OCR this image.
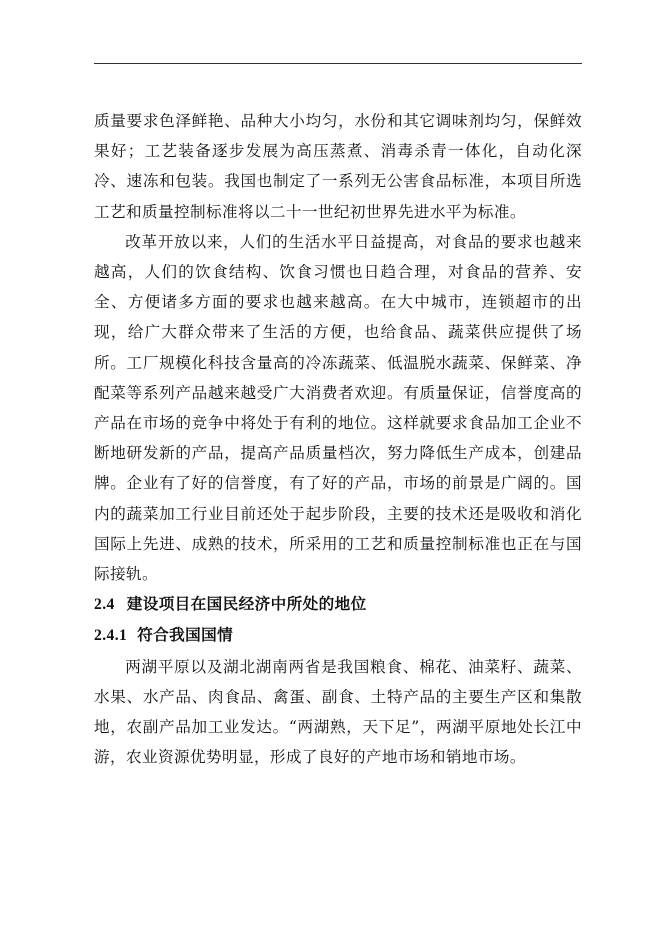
质量要求色泽鲜艳、品种大小均匀，水份和其它调味剂均匀，保鲜效果好；工艺装备逐步发展为高压蒸煮、消毒杀青一体化，自动化深冷、速冻和包装。我国也制定了一系列无公害食品标准，本项目所选工艺和质量控制标准将以二十一世纪初世界先进水平为标准。

改革开放以来，人们的生活水平日益提高，对食品的要求也越来越高，人们的饮食结构、饮食习惯也日趋合理，对食品的营养、安全、方便诸多方面的要求也越来越高。在大中城市，连锁超市的出现，给广大群众带来了生活的方便，也给食品、蔬菜供应提供了场所。工厂规模化科技含量高的冷冻蔬菜、低温脱水蔬菜、保鲜菜、净配菜等系列产品越来越受广大消费者欢迎。有质量保证，信誉度高的产品在市场的竞争中将处于有利的地位。这样就要求食品加工企业不断地研发新的产品，提高产品质量档次，努力降低生产成本，创建品牌。企业有了好的信誉度，有了好的产品，市场的前景是广阔的。国内的蔬菜加工行业目前还处于起步阶段，主要的技术还是吸收和消化国际上先进、成熟的技术，所采用的工艺和质量控制标准也正在与国际接轨。

2.4 建设项目在国民经济中所处的地位
2.4.1 符合我国国情

两湖平原以及湖北湖南两省是我国粮食、棉花、油菜籽、蔬菜、水果、水产品、肉食品、禽蛋、副食、土特产品的主要生产区和集散地，农副产品加工业发达。“两湖熟，天下足”，两湖平原地处长江中游，农业资源优势明显，形成了良好的产地市场和销地市场。
